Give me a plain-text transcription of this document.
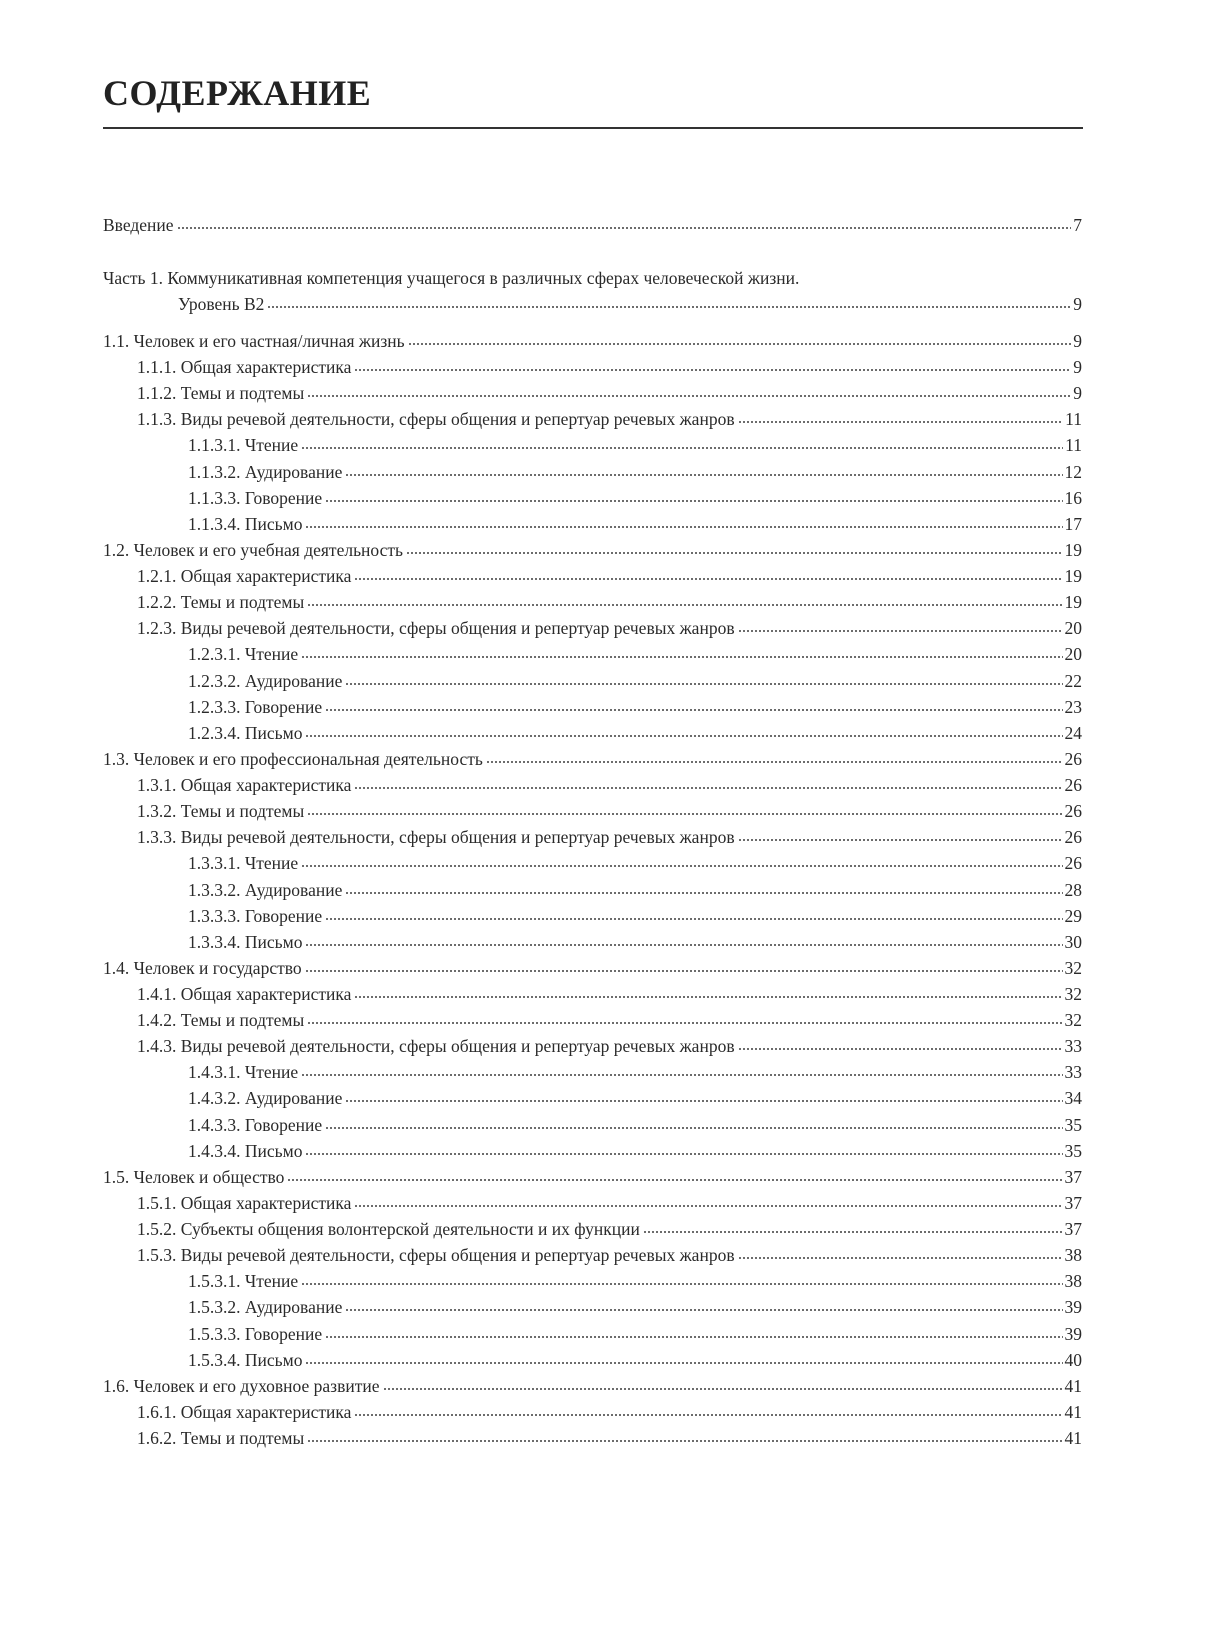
СОДЕРЖАНИЕ
Введение	7
Часть 1. Коммуникативная компетенция учащегося в различных сферах человеческой жизни.
Уровень B2	9
1.1. Человек и его частная/личная жизнь	9
1.1.1. Общая характеристика	9
1.1.2. Темы и подтемы	9
1.1.3. Виды речевой деятельности, сферы общения и репертуар речевых жанров	11
1.1.3.1. Чтение	11
1.1.3.2. Аудирование	12
1.1.3.3. Говорение	16
1.1.3.4. Письмо	17
1.2. Человек и его учебная деятельность	19
1.2.1. Общая характеристика	19
1.2.2. Темы и подтемы	19
1.2.3. Виды речевой деятельности, сферы общения и репертуар речевых жанров	20
1.2.3.1. Чтение	20
1.2.3.2. Аудирование	22
1.2.3.3. Говорение	23
1.2.3.4. Письмо	24
1.3. Человек и его профессиональная деятельность	26
1.3.1. Общая характеристика	26
1.3.2. Темы и подтемы	26
1.3.3. Виды речевой деятельности, сферы общения и репертуар речевых жанров	26
1.3.3.1. Чтение	26
1.3.3.2. Аудирование	28
1.3.3.3. Говорение	29
1.3.3.4. Письмо	30
1.4. Человек и государство	32
1.4.1. Общая характеристика	32
1.4.2. Темы и подтемы	32
1.4.3. Виды речевой деятельности, сферы общения и репертуар речевых жанров	33
1.4.3.1. Чтение	33
1.4.3.2. Аудирование	34
1.4.3.3. Говорение	35
1.4.3.4. Письмо	35
1.5. Человек и общество	37
1.5.1. Общая характеристика	37
1.5.2. Субъекты общения волонтерской деятельности и их функции	37
1.5.3. Виды речевой деятельности, сферы общения и репертуар речевых жанров	38
1.5.3.1. Чтение	38
1.5.3.2. Аудирование	39
1.5.3.3. Говорение	39
1.5.3.4. Письмо	40
1.6. Человек и его духовное развитие	41
1.6.1. Общая характеристика	41
1.6.2. Темы и подтемы	41
